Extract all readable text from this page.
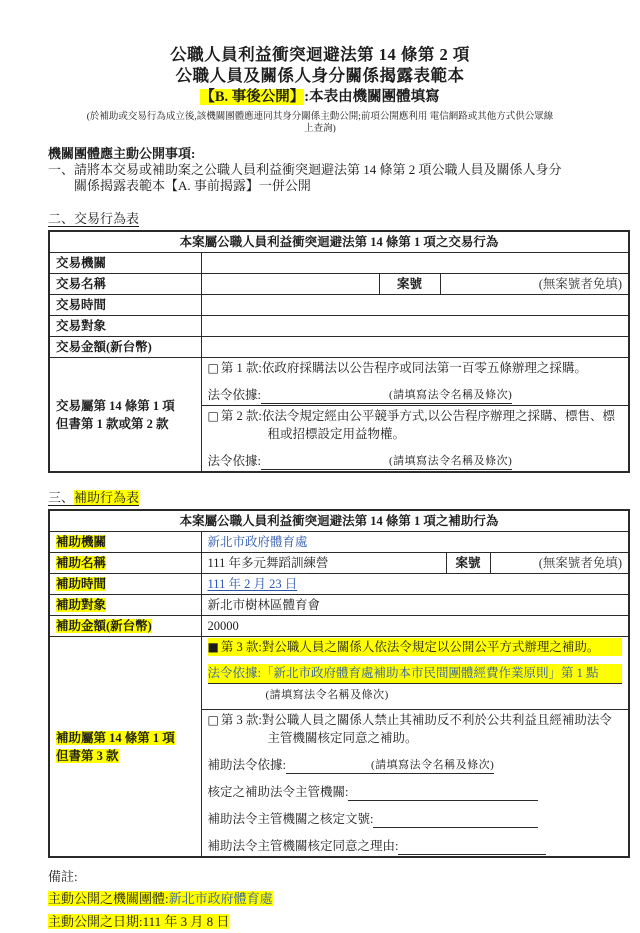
公職人員利益衝突迴避法第 14 條第 2 項
公職人員及關係人身分關係揭露表範本
【B. 事後公開】:本表由機關團體填寫
(於補助或交易行為成立後,該機關團體應連同其身分關係主動公開;前項公開應利用 電信網路或其他方式供公眾線上查詢)
機關團體應主動公開事項:
一、請將本交易或補助案之公職人員利益衝突迴避法第 14 條第 2 項公職人員及關係人身分關係揭露表範本【A. 事前揭露】一併公開
二、交易行為表
本案屬公職人員利益衝突迴避法第 14 條第 1 項之交易行為			
交易機關			
交易名稱		案號	(無案號者免填)
交易時間			
交易對象			
交易金額(新台幣)			

交易屬第 14 條第 1 項
但書第 1 款或第 2 款

□ 第 1 款:依政府採購法以公告程序或同法第一百零五條辦理之採購。
法令依據:	(請填寫法令名稱及條次)

	□ 第 2 款:依法令規定經由公平競爭方式,以公告程序辦理之採購、標售、標租或招標設定用益物權。
法令依據: (請填寫法令名稱及條次)		
三、補助行為表
本案屬公職人員利益衝突迴避法第 14 條第 1 項之補助行為			
補助機關	新北市政府體育處		
補助名稱	111 年多元舞蹈訓練營	案號	(無案號者免填)
補助時間	111 年 2 月 23 日		
補助對象	新北市樹林區體育會		
補助金額(新台幣)	20000		

補助屬第 14 條第 1 項
但書第 3 款

■ 第 3 款:對公職人員之關係人依法令規定以公開公平方式辦理之補助。
法令依據:「新北市政府體育處補助本市民間團體經費作業原則」第 1 點
(請填寫法令名稱及條次)

	□ 第 3 款:對公職人員之關係人禁止其補助反不利於公共利益且經補助法令主管機關核定同意之補助。
補助法令依據: (請填寫法令名稱及條次)
核定之補助法令主管機關:
補助法令主管機關之核定文號:
補助法令主管機關核定同意之理由:		
備註:
主動公開之機關團體:新北市政府體育處
主動公開之日期:111 年 3 月 8 日
